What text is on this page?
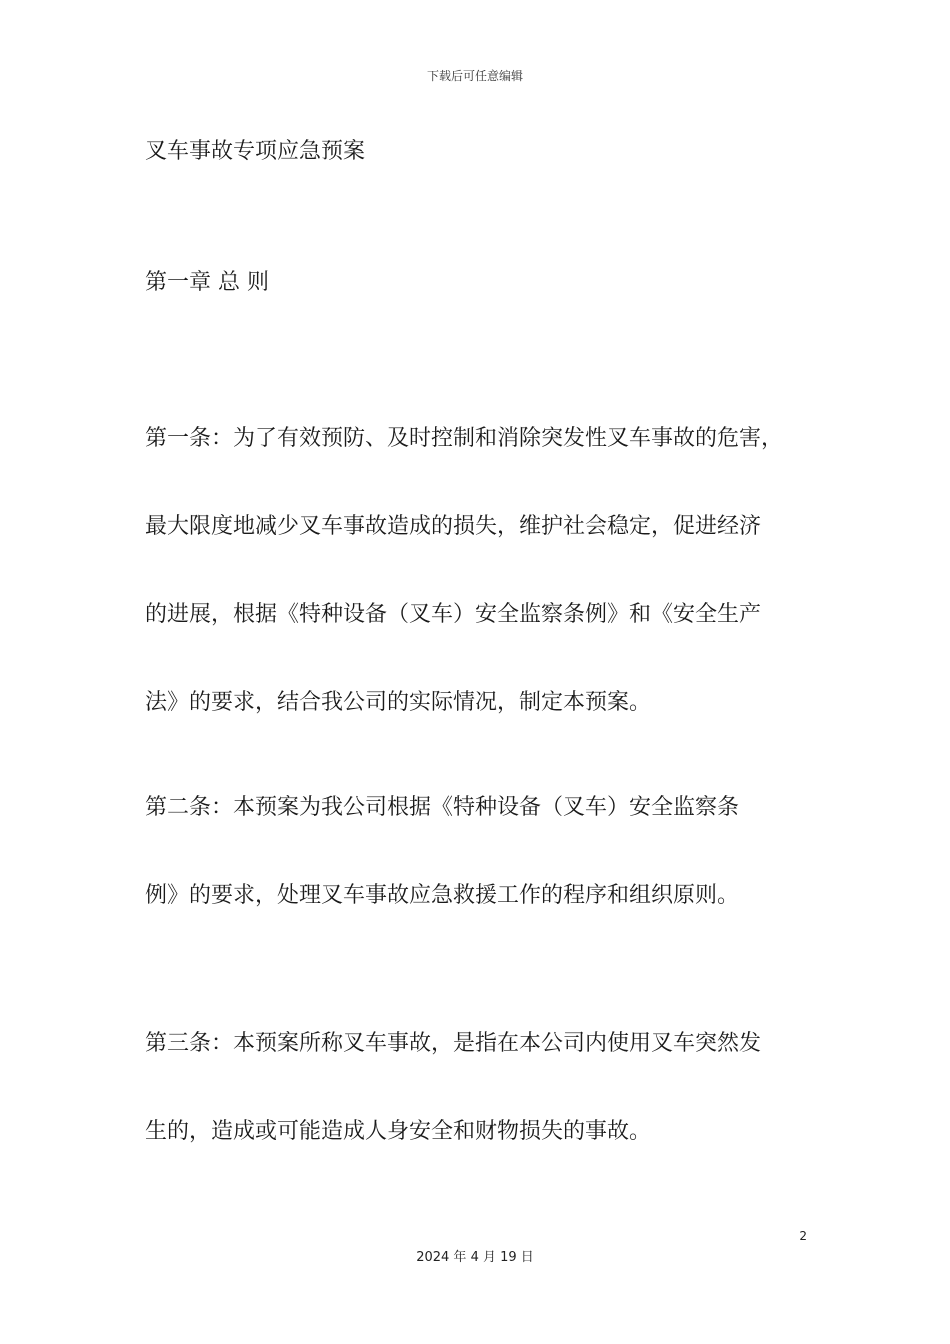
下载后可任意编辑
叉车事故专项应急预案
第一章 总 则
第一条：为了有效预防、及时控制和消除突发性叉车事故的危害，
最大限度地减少叉车事故造成的损失，维护社会稳定，促进经济
的进展，根据《特种设备（叉车）安全监察条例》和《安全生产
法》的要求，结合我公司的实际情况，制定本预案。
第二条：本预案为我公司根据《特种设备（叉车）安全监察条
例》的要求，处理叉车事故应急救援工作的程序和组织原则。
第三条：本预案所称叉车事故，是指在本公司内使用叉车突然发
生的，造成或可能造成人身安全和财物损失的事故。
2
2024 年 4 月 19 日
